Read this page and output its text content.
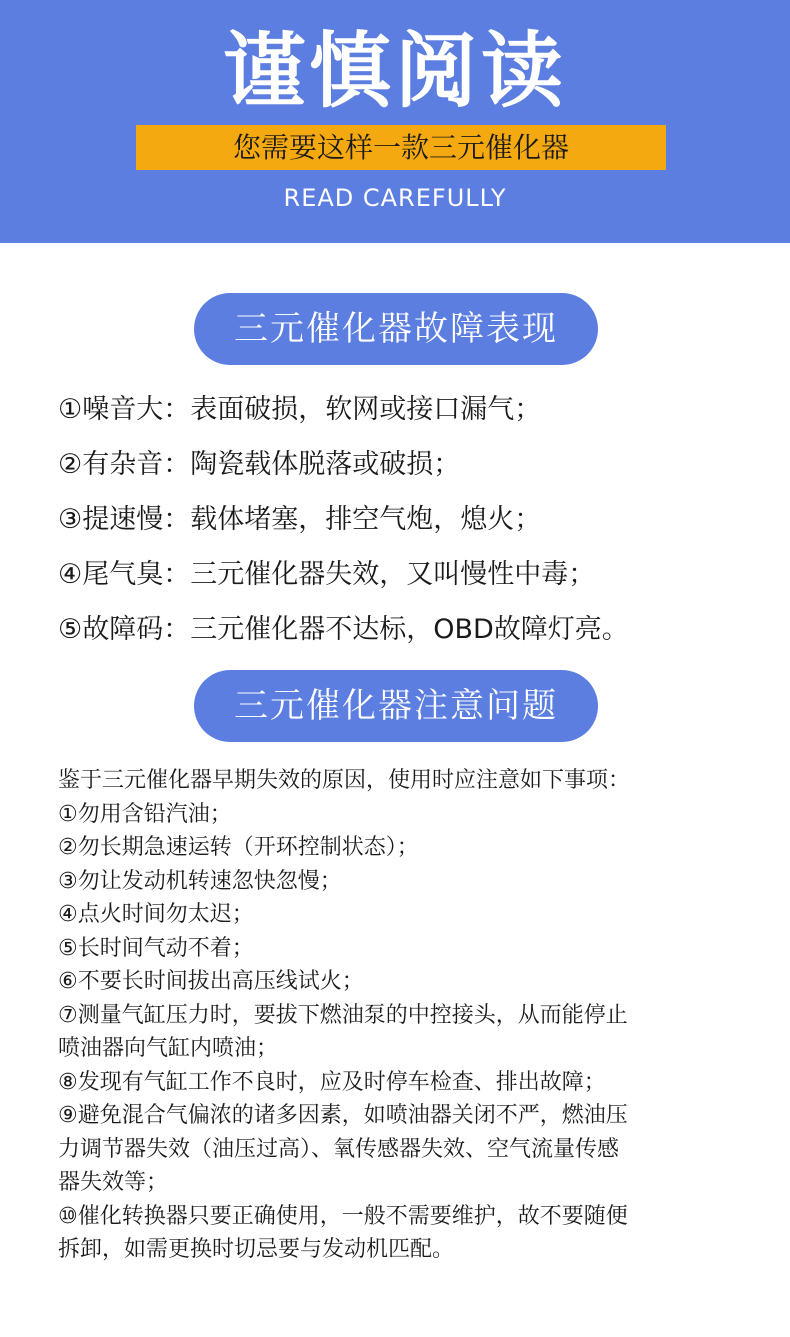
谨慎阅读
您需要这样一款三元催化器
READ CAREFULLY
三元催化器故障表现
①噪音大：表面破损，软网或接口漏气；
②有杂音：陶瓷载体脱落或破损；
③提速慢：载体堵塞，排空气炮，熄火；
④尾气臭：三元催化器失效，又叫慢性中毒；
⑤故障码：三元催化器不达标，OBD故障灯亮。
三元催化器注意问题

鉴于三元催化器早期失效的原因，使用时应注意如下事项：

①勿用含铅汽油；

②勿长期急速运转（开环控制状态）；

③勿让发动机转速忽快忽慢；

④点火时间勿太迟；

⑤长时间气动不着；

⑥不要长时间拔出高压线试火；

⑦测量气缸压力时，要拔下燃油泵的中控接头，从而能停止

喷油器向气缸内喷油；

⑧发现有气缸工作不良时，应及时停车检查、排出故障；

⑨避免混合气偏浓的诸多因素，如喷油器关闭不严，燃油压

力调节器失效（油压过高）、氧传感器失效、空气流量传感

器失效等；

⑩催化转换器只要正确使用，一般不需要维护，故不要随便

拆卸，如需更换时切忌要与发动机匹配。
